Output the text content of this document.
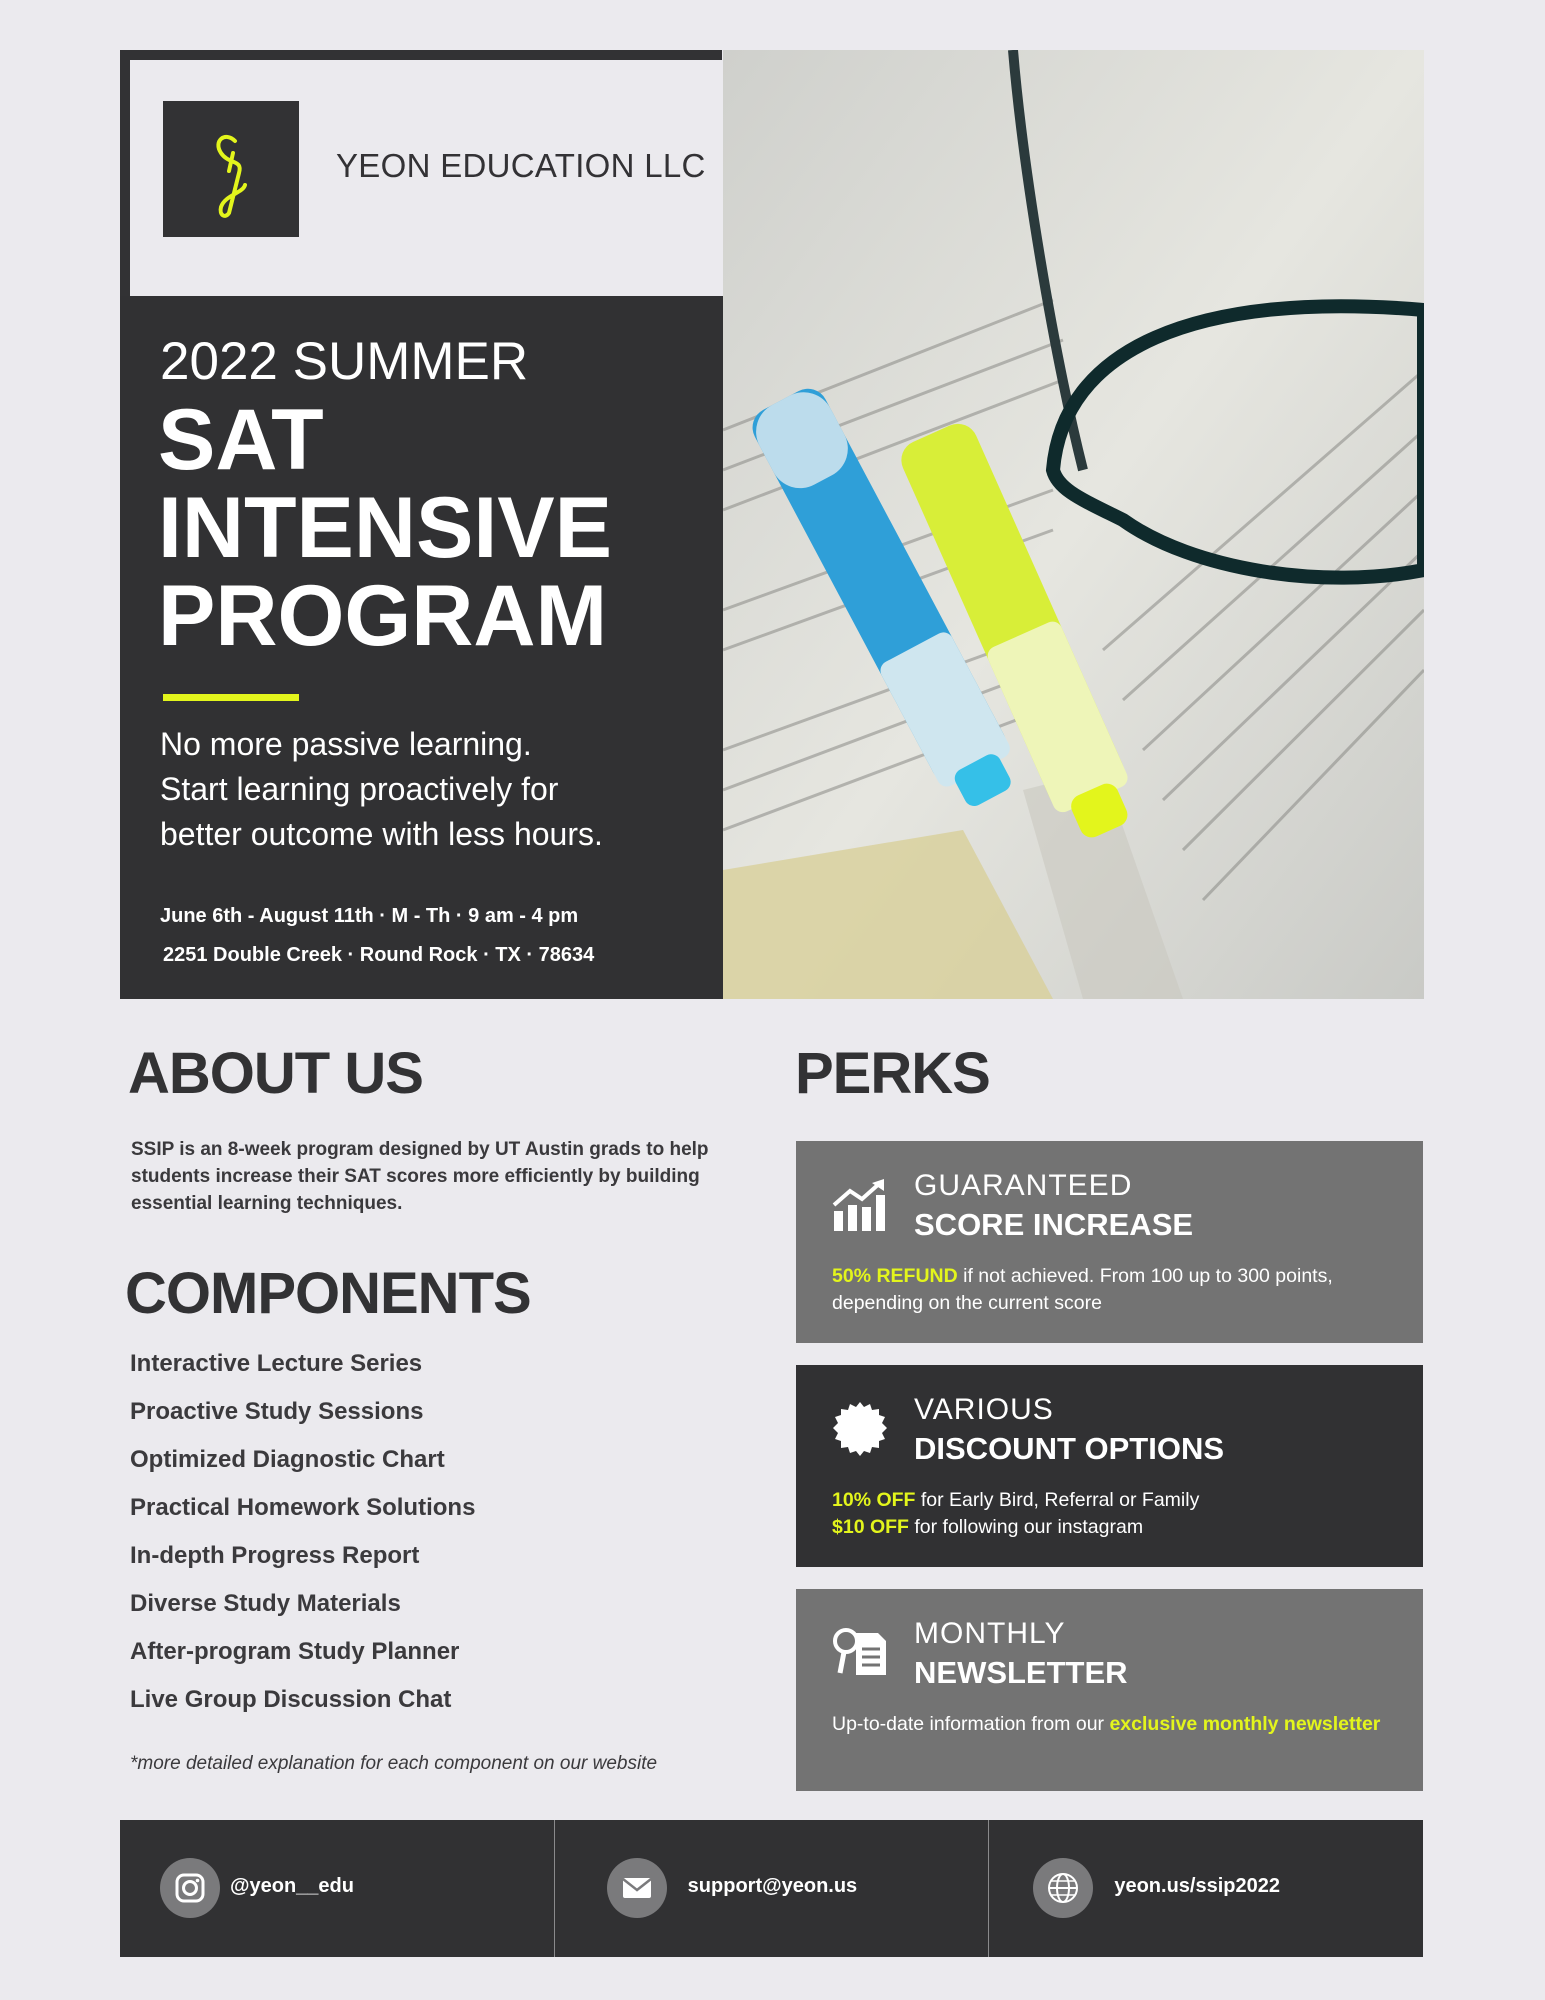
YEON EDUCATION LLC
2022 SUMMER
SAT
INTENSIVE
PROGRAM
No more passive learning.
Start learning proactively for
better outcome with less hours.
June 6th - August 11th · M - Th · 9 am - 4 pm
2251 Double Creek · Round Rock · TX · 78634
ABOUT US
SSIP is an 8-week program designed by UT Austin grads to help students increase their SAT scores more efficiently by building essential learning techniques.
COMPONENTS
Interactive Lecture Series
Proactive Study Sessions
Optimized Diagnostic Chart
Practical Homework Solutions
In-depth Progress Report
Diverse Study Materials
After-program Study Planner
Live Group Discussion Chat
*more detailed explanation for each component on our website
PERKS
GUARANTEED
SCORE INCREASE
50% REFUND if not achieved. From 100 up to 300 points, depending on the current score
VARIOUS
DISCOUNT OPTIONS
10% OFF for Early Bird, Referral or Family
$10 OFF for following our instagram
MONTHLY
NEWSLETTER
Up-to-date information from our exclusive monthly newsletter
@yeon__edu	support@yeon.us	yeon.us/ssip2022
